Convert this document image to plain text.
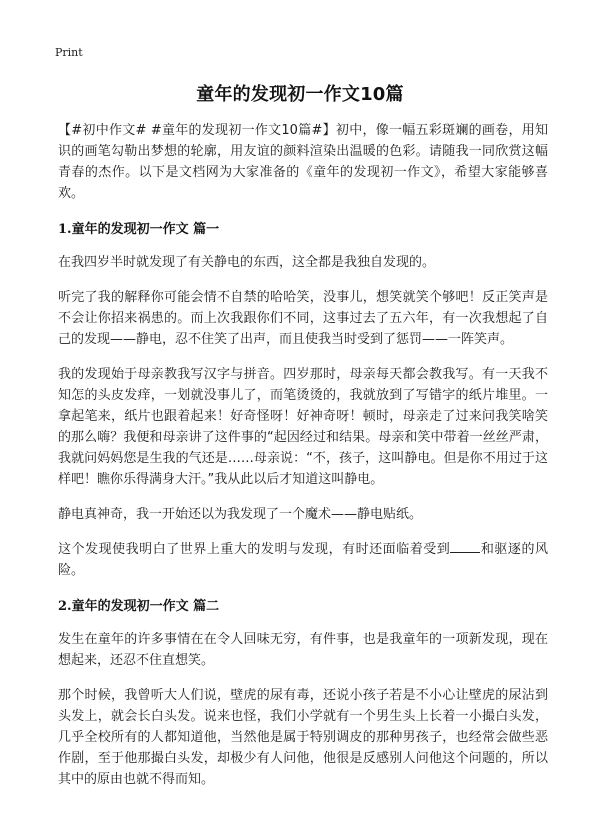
Print
童年的发现初一作文10篇

【#初中作文# #童年的发现初一作文10篇#】初中，像一幅五彩斑斓的画卷，用知识的画笔勾勒出梦想的轮廓，用友谊的颜料渲染出温暖的色彩。请随我一同欣赏这幅青春的杰作。以下是文档网为大家准备的《童年的发现初一作文》，希望大家能够喜欢。

1.童年的发现初一作文 篇一

在我四岁半时就发现了有关静电的东西，这全都是我独自发现的。

听完了我的解释你可能会情不自禁的哈哈笑，没事儿，想笑就笑个够吧！反正笑声是不会让你招来祸患的。而上次我跟你们不同，这事过去了五六年，有一次我想起了自己的发现——静电，忍不住笑了出声，而且使我当时受到了惩罚——一阵笑声。

我的发现始于母亲教我写汉字与拼音。四岁那时，母亲每天都会教我写。有一天我不知怎的头皮发痒，一划就没事儿了，而笔烫烫的，我就放到了写错字的纸片堆里。一拿起笔来，纸片也跟着起来！好奇怪呀！好神奇呀！顿时，母亲走了过来问我笑啥笑的那么嗨？我便和母亲讲了这件事的“起因经过和结果。母亲和笑中带着一丝丝严肃，我就问妈妈您是生我的气还是……母亲说：“不，孩子，这叫静电。但是你不用过于这样吧！瞧你乐得满身大汗。”我从此以后才知道这叫静电。

静电真神奇，我一开始还以为我发现了一个魔术——静电贴纸。

这个发现使我明白了世界上重大的发明与发现，有时还面临着受到 和驱逐的风险。

2.童年的发现初一作文 篇二

发生在童年的许多事情在在令人回味无穷，有件事，也是我童年的一项新发现，现在想起来，还忍不住直想笑。

那个时候，我曾听大人们说，壁虎的尿有毒，还说小孩子若是不小心让壁虎的尿沾到头发上，就会长白头发。说来也怪，我们小学就有一个男生头上长着一小撮白头发，几乎全校所有的人都知道他，当然他是属于特别调皮的那种男孩子，也经常会做些恶作剧，至于他那撮白头发，却极少有人问他，他很是反感别人问他这个问题的，所以其中的原由也就不得而知。
